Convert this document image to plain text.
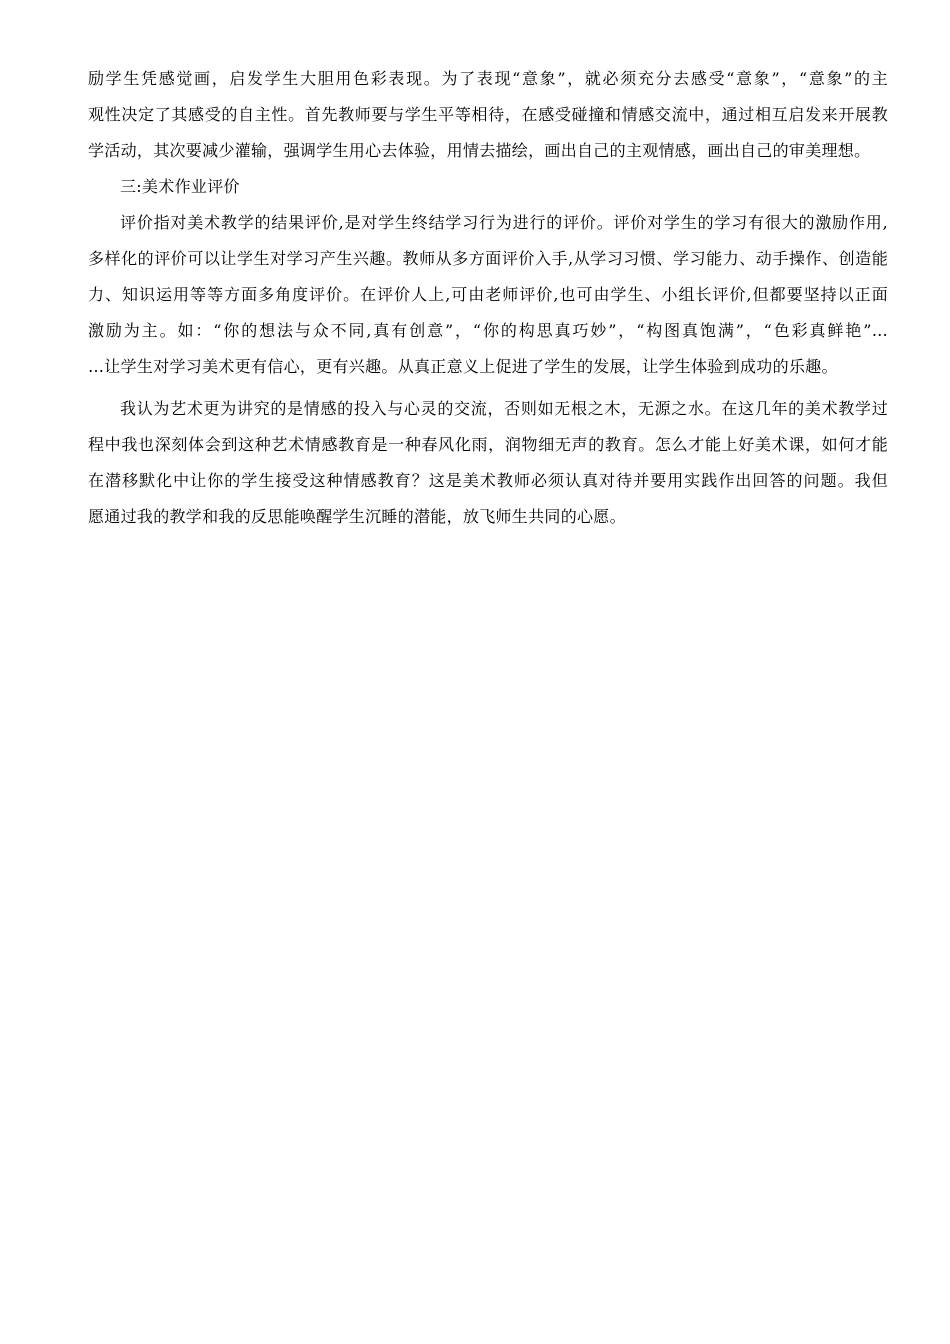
励学生凭感觉画，启发学生大胆用色彩表现。为了表现“意象”，就必须充分去感受“意象”，“意象”的主
观性决定了其感受的自主性。首先教师要与学生平等相待，在感受碰撞和情感交流中，通过相互启发来开展教
学活动，其次要减少灌输，强调学生用心去体验，用情去描绘，画出自己的主观情感，画出自己的审美理想。
三:美术作业评价
评价指对美术教学的结果评价,是对学生终结学习行为进行的评价。评价对学生的学习有很大的激励作用,
多样化的评价可以让学生对学习产生兴趣。教师从多方面评价入手,从学习习惯、学习能力、动手操作、创造能
力、知识运用等等方面多角度评价。在评价人上,可由老师评价,也可由学生、小组长评价,但都要坚持以正面
激励为主。如：“你的想法与众不同,真有创意”，“你的构思真巧妙”，“构图真饱满”，“色彩真鲜艳”…
…让学生对学习美术更有信心，更有兴趣。从真正意义上促进了学生的发展，让学生体验到成功的乐趣。
我认为艺术更为讲究的是情感的投入与心灵的交流，否则如无根之木，无源之水。在这几年的美术教学过
程中我也深刻体会到这种艺术情感教育是一种春风化雨，润物细无声的教育。怎么才能上好美术课，如何才能
在潜移默化中让你的学生接受这种情感教育？这是美术教师必须认真对待并要用实践作出回答的问题。我但
愿通过我的教学和我的反思能唤醒学生沉睡的潜能，放飞师生共同的心愿。
